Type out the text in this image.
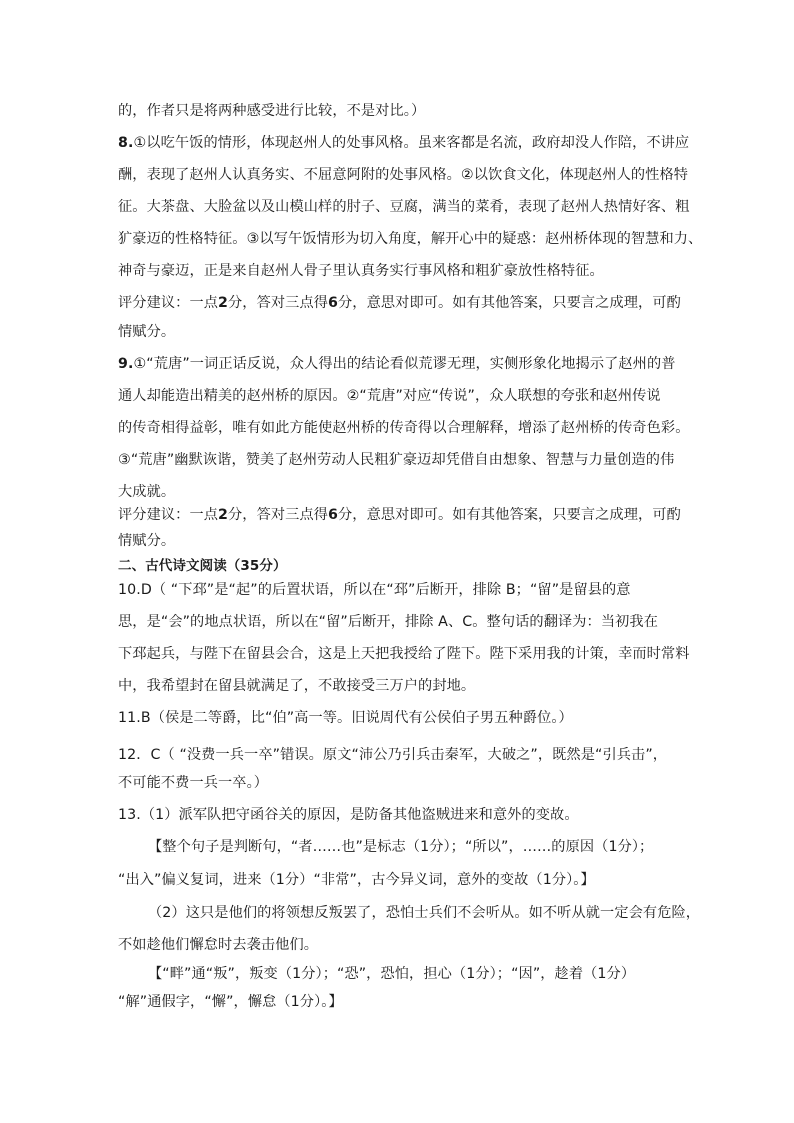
的，作者只是将两种感受进行比较，不是对比。）
8.①以吃午饭的情形，体现赵州人的处事风格。虽来客都是名流，政府却没人作陪，不讲应
酬，表现了赵州人认真务实、不屈意阿附的处事风格。②以饮食文化，体现赵州人的性格特
征。大茶盘、大脸盆以及山模山样的肘子、豆腐，满当的菜肴，表现了赵州人热情好客、粗
犷豪迈的性格特征。③以写午饭情形为切入角度，解开心中的疑惑：赵州桥体现的智慧和力、
神奇与豪迈，正是来自赵州人骨子里认真务实行事风格和粗犷豪放性格特征。
评分建议：一点2分，答对三点得6分，意思对即可。如有其他答案，只要言之成理，可酌
情赋分。
9.①“荒唐”一词正话反说，众人得出的结论看似荒谬无理，实侧形象化地揭示了赵州的普
通人却能造出精美的赵州桥的原因。②“荒唐”对应“传说”，众人联想的夸张和赵州传说
的传奇相得益彰，唯有如此方能使赵州桥的传奇得以合理解释，增添了赵州桥的传奇色彩。
③“荒唐”幽默诙谐，赞美了赵州劳动人民粗犷豪迈却凭借自由想象、智慧与力量创造的伟
大成就。
评分建议：一点2分，答对三点得6分，意思对即可。如有其他答案，只要言之成理，可酌
情赋分。
二、古代诗文阅读（35分）
10.D（ “下邳”是“起”的后置状语，所以在“邳”后断开，排除 B；“留”是留县的意
思，是“会”的地点状语，所以在“留”后断开，排除 A、C。整句话的翻译为：当初我在
下邳起兵，与陛下在留县会合，这是上天把我授给了陛下。陛下采用我的计策，幸而时常料
中，我希望封在留县就满足了，不敢接受三万户的封地。
11.B（侯是二等爵，比“伯”高一等。旧说周代有公侯伯子男五种爵位。）
12．C（ “没费一兵一卒”错误。原文“沛公乃引兵击秦军，大破之”，既然是“引兵击”，
不可能不费一兵一卒。）
13.（1）派军队把守函谷关的原因，是防备其他盗贼进来和意外的变故。
【整个句子是判断句，“者……也”是标志（1分）；“所以”，……的原因（1分）；
“出入”偏义复词，进来（1分）“非常”，古今异义词，意外的变故（1分）。】
（2）这只是他们的将领想反叛罢了，恐怕士兵们不会听从。如不听从就一定会有危险，
不如趁他们懈怠时去袭击他们。
【“畔”通“叛”，叛变（1分）；“恐”，恐怕，担心（1分）；“因”，趁着（1分）
“解”通假字，“懈”，懈怠（1分）。】
